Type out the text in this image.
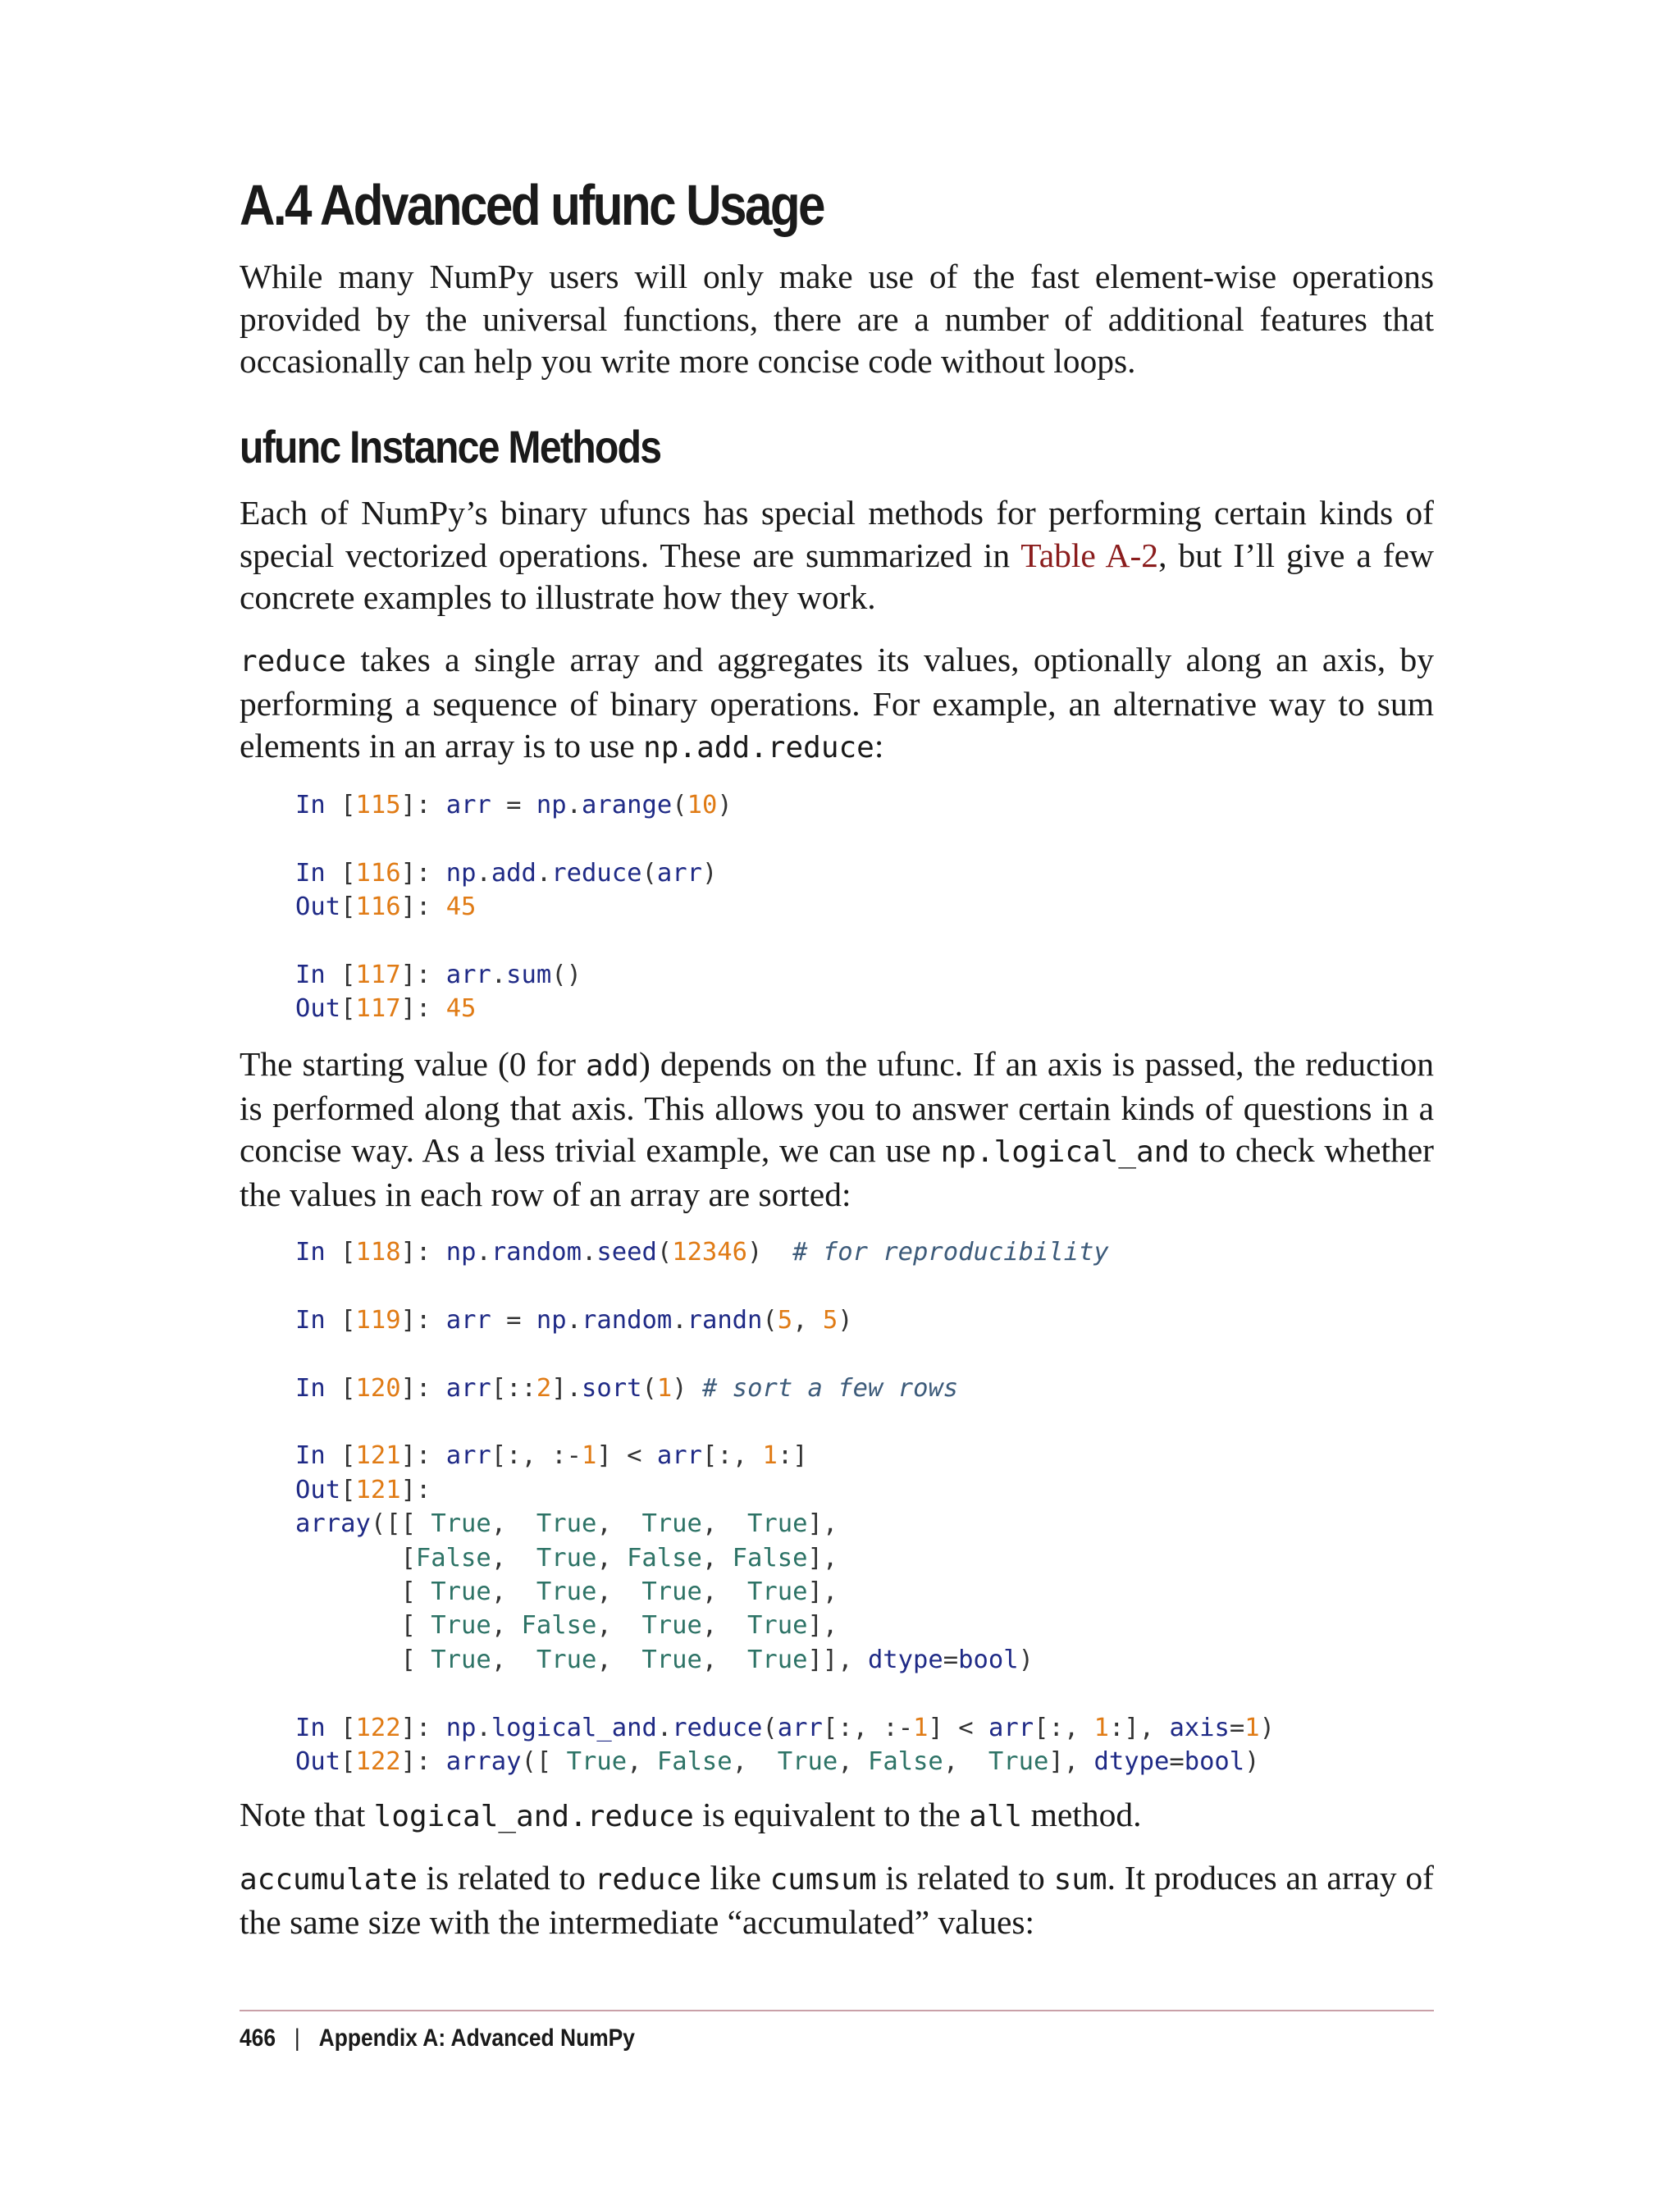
A.4 Advanced ufunc Usage

While many NumPy users will only make use of the fast element-wise operations provided by the universal functions, there are a number of additional features that occasionally can help you write more concise code without loops.

ufunc Instance Methods

Each of NumPy’s binary ufuncs has special methods for performing certain kinds of special vectorized operations. These are summarized in Table A-2, but I’ll give a few concrete examples to illustrate how they work.

reduce takes a single array and aggregates its values, optionally along an axis, by performing a sequence of binary operations. For example, an alternative way to sum elements in an array is to use np.add.reduce:

In [115]: arr = np.arange(10)

In [116]: np.add.reduce(arr)
Out[116]: 45

In [117]: arr.sum()
Out[117]: 45

The starting value (0 for add) depends on the ufunc. If an axis is passed, the reduction is performed along that axis. This allows you to answer certain kinds of questions in a concise way. As a less trivial example, we can use np.logical_and to check whether the values in each row of an array are sorted:

In [118]: np.random.seed(12346) # for reproducibility

In [119]: arr = np.random.randn(5, 5)

In [120]: arr[::2].sort(1) # sort a few rows

In [121]: arr[:, :-1] < arr[:, 1:]
Out[121]:
array([[ True, True, True, True],
[False, True, False, False],
[ True, True, True, True],
[ True, False, True, True],
[ True, True, True, True]], dtype=bool)

In [122]: np.logical_and.reduce(arr[:, :-1] < arr[:, 1:], axis=1)
Out[122]: array([ True, False, True, False, True], dtype=bool)

Note that logical_and.reduce is equivalent to the all method.

accumulate is related to reduce like cumsum is related to sum. It produces an array of the same size with the intermediate “accumulated” values:

466 | Appendix A: Advanced NumPy
